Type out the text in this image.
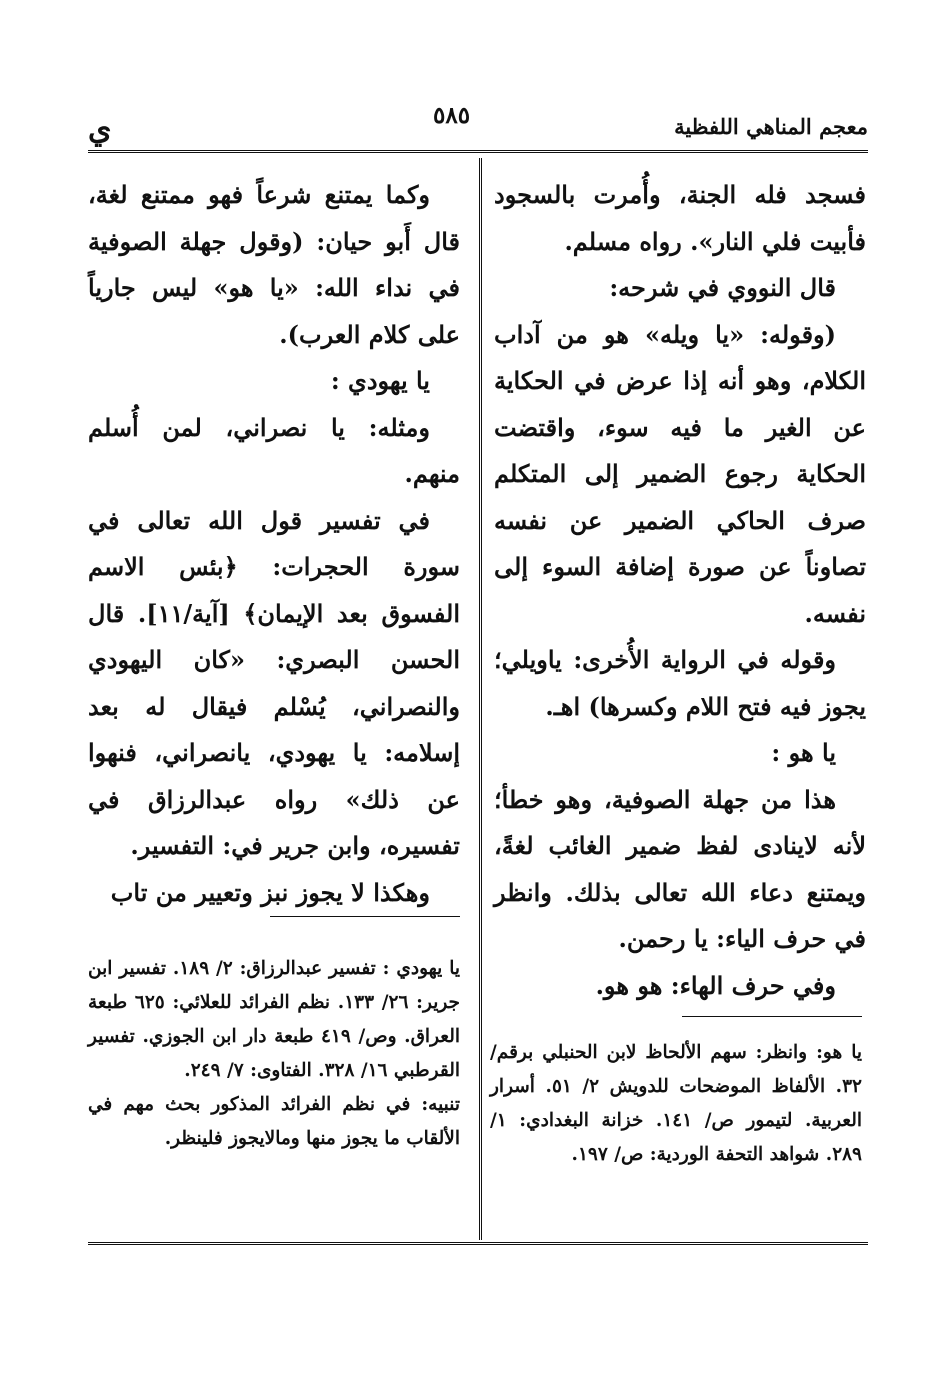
معجم المناهي اللفظية
٥٨٥
ي

فسجد فله الجنة، وأُمرت بالسجود فأبيت فلي النار». رواه مسلم.

قال النووي في شرحه:

(وقوله: «يا ويله» هو من آداب الكلام، وهو أنه إذا عرض في الحكاية عن الغير ما فيه سوء، واقتضت الحكاية رجوع الضمير إلى المتكلم صرف الحاكي الضمير عن نفسه تصاوناً عن صورة إضافة السوء إلى نفسه.

وقوله في الرواية الأُخرى: ياويلي؛ يجوز فيه فتح اللام وكسرها) اهـ.

يا هو :

هذا من جهلة الصوفية، وهو خطأ؛ لأنه لاينادى لفظ ضمير الغائب لغةً، ويمتنع دعاء الله تعالى بذلك. وانظر في حرف الياء: يا رحمن.

وفي حرف الهاء: هو هو.

وكما يمتنع شرعاً فهو ممتنع لغة، قال أَبو حيان: (وقول جهلة الصوفية في نداء الله: «يا هو» ليس جارياً على كلام العرب).

يا يهودي :

ومثله: يا نصراني، لمن أُسلم منهم.

في تفسير قول الله تعالى في سورة الحجرات: ﴿بئس الاسم الفسوق بعد الإيمان﴾ [آية/١١]. قال الحسن البصري: «كان اليهودي والنصراني، يُسْلم فيقال له بعد إسلامه: يا يهودي، يانصراني، فنهوا عن ذلك» رواه عبدالرزاق في تفسيره، وابن جرير في: التفسير.

وهكذا لا يجوز نبز وتعيير من تاب

يا هو: وانظر: سهم الألحاظ لابن الحنبلي برقم/ ٣٢. الألفاظ الموضحات للدويش ٢/ ٥١. أسرار العربية. لتيمور ص/ ١٤١. خزانة البغدادي: ١/ ٢٨٩. شواهد التحفة الوردية: ص/ ١٩٧.

يا يهودي : تفسير عبدالرزاق: ٢/ ١٨٩. تفسير ابن جرير: ٢٦/ ١٣٣. نظم الفرائد للعلائي: ٦٢٥ طبعة العراق. وص/ ٤١٩ طبعة دار ابن الجوزي. تفسير القرطبي ١٦/ ٣٢٨. الفتاوى: ٧/ ٢٤٩.

تنبيه: في نظم الفرائد المذكور بحث مهم في الألقاب ما يجوز منها ومالايجوز فلينظر.
